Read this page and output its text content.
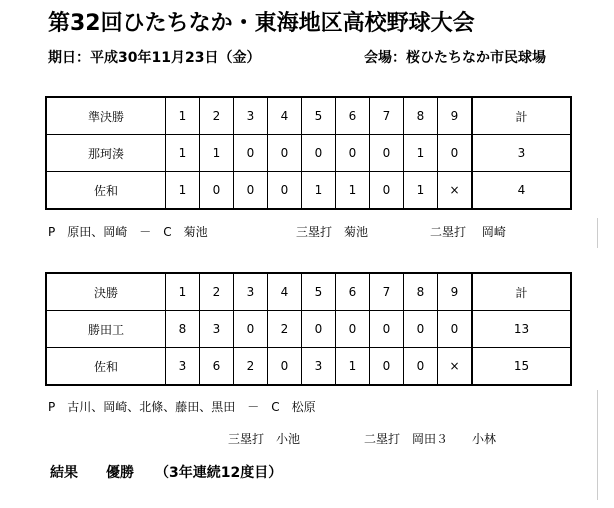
第32回ひたちなか・東海地区高校野球大会
期日：平成30年11月23日（金）	会場：桜ひたちなか市民球場
準決勝	1	2	3	4	5	6	7	8	9	計
那珂湊	1	1	0	0	0	0	0	1	0	3
佐和	1	0	0	0	1	1	0	1	×	4
P　原田、岡崎　－　C　菊池	三塁打　菊池	二塁打　 岡崎
決勝	1	2	3	4	5	6	7	8	9	計
勝田工	8	3	0	2	0	0	0	0	0	13
佐和	3	6	2	0	3	1	0	0	×	15
P　古川、岡崎、北條、藤田、黒田　－　C　松原
三塁打　小池	二塁打　岡田３　　小林
結果　　優勝　　（3年連続12度目）
